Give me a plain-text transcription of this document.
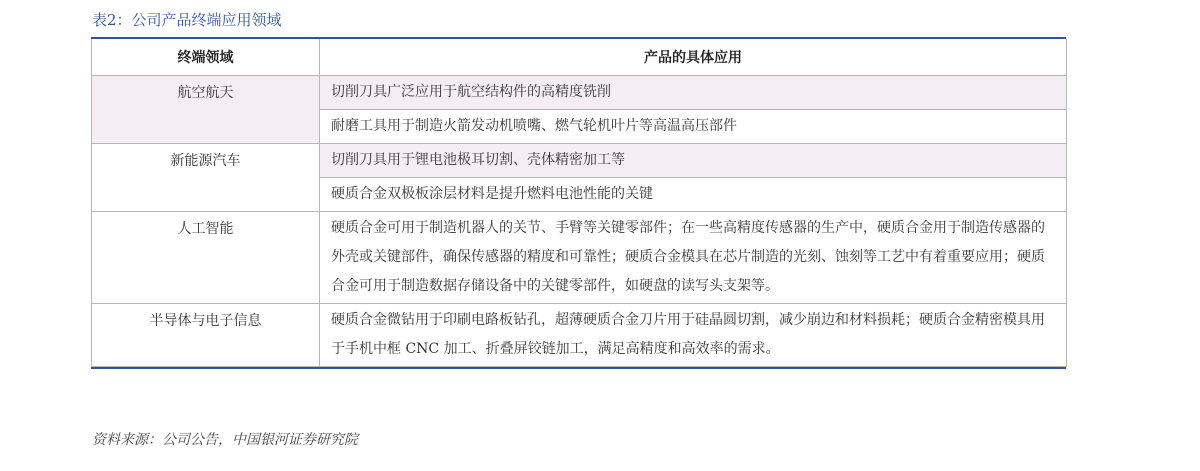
表2：公司产品终端应用领域
终端领域	产品的具体应用
航空航天	切削刀具广泛应用于航空结构件的高精度铣削
	耐磨工具用于制造火箭发动机喷嘴、燃气轮机叶片等高温高压部件
新能源汽车	切削刀具用于锂电池极耳切割、壳体精密加工等
	硬质合金双极板涂层材料是提升燃料电池性能的关键
人工智能	硬质合金可用于制造机器人的关节、手臂等关键零部件；在一些高精度传感器的生产中，硬质合金用于制造传感器的外壳或关键部件，确保传感器的精度和可靠性；硬质合金模具在芯片制造的光刻、蚀刻等工艺中有着重要应用；硬质合金可用于制造数据存储设备中的关键零部件，如硬盘的读写头支架等。
半导体与电子信息	硬质合金微钻用于印刷电路板钻孔，超薄硬质合金刀片用于硅晶圆切割，减少崩边和材料损耗；硬质合金精密模具用于手机中框 CNC 加工、折叠屏铰链加工，满足高精度和高效率的需求。
资料来源：公司公告，中国银河证券研究院
